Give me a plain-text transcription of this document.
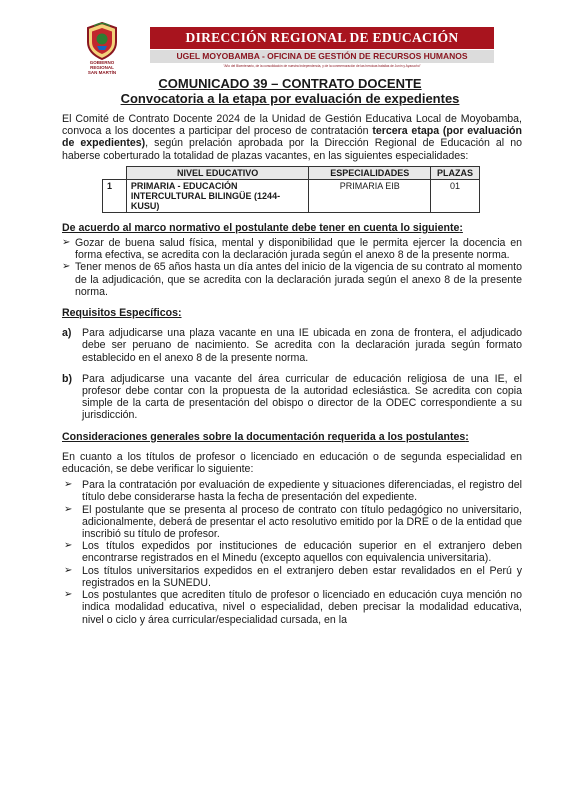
GOBIERNO REGIONAL
SAN MARTÍN
DIRECCIÓN REGIONAL DE EDUCACIÓN
UGEL MOYOBAMBA - OFICINA DE GESTIÓN DE RECURSOS HUMANOS
"Año del Bicentenario, de la consolidación de nuestra Independencia, y de la conmemoración de las heroicas batallas de Junín y Ayacucho"
COMUNICADO 39 – CONTRATO DOCENTE
Convocatoria a la etapa por evaluación de expedientes

El Comité de Contrato Docente 2024 de la Unidad de Gestión Educativa Local de Moyobamba, convoca a los docentes a participar del proceso de contratación tercera etapa (por evaluación de expedientes), según prelación aprobada por la Dirección Regional de Educación al no haberse coberturado la totalidad de plazas vacantes, en las siguientes especialidades:

	NIVEL EDUCATIVO	ESPECIALIDADES	PLAZAS
1	PRIMARIA - EDUCACIÓN INTERCULTURAL BILINGÜE (1244-KUSU)	PRIMARIA EIB	01
De acuerdo al marco normativo el postulante debe tener en cuenta lo siguiente:
➢ Gozar de buena salud física, mental y disponibilidad que le permita ejercer la docencia en forma efectiva, se acredita con la declaración jurada según el anexo 8 de la presente norma.
➢ Tener menos de 65 años hasta un día antes del inicio de la vigencia de su contrato al momento de la adjudicación, que se acredita con la declaración jurada según el anexo 8 de la presente norma.
Requisitos Específicos:
a) Para adjudicarse una plaza vacante en una IE ubicada en zona de frontera, el adjudicado debe ser peruano de nacimiento. Se acredita con la declaración jurada según formato establecido en el anexo 8 de la presente norma.
b) Para adjudicarse una vacante del área curricular de educación religiosa de una IE, el profesor debe contar con la propuesta de la autoridad eclesiástica. Se acredita con copia simple de la carta de presentación del obispo o director de la ODEC correspondiente a su jurisdicción.
Consideraciones generales sobre la documentación requerida a los postulantes:

En cuanto a los títulos de profesor o licenciado en educación o de segunda especialidad en educación, se debe verificar lo siguiente:

➢ Para la contratación por evaluación de expediente y situaciones diferenciadas, el registro del título debe considerarse hasta la fecha de presentación del expediente.
➢ El postulante que se presenta al proceso de contrato con título pedagógico no universitario, adicionalmente, deberá de presentar el acto resolutivo emitido por la DRE o de la entidad que inscribió su título de profesor.
➢ Los títulos expedidos por instituciones de educación superior en el extranjero deben encontrarse registrados en el Minedu (excepto aquellos con equivalencia universitaria).
➢ Los títulos universitarios expedidos en el extranjero deben estar revalidados en el Perú y registrados en la SUNEDU.
➢ Los postulantes que acrediten título de profesor o licenciado en educación cuya mención no indica modalidad educativa, nivel o especialidad, deben precisar la modalidad educativa, nivel o ciclo y área curricular/especialidad cursada, en la
